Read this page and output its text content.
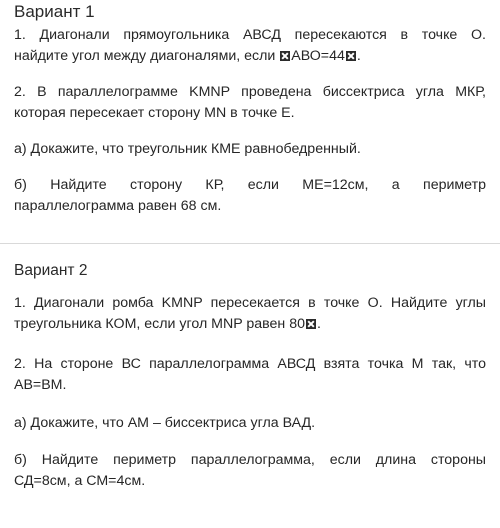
Вариант 1
1. Диагонали прямоугольника АВСД пересекаются в точке О.
найдите угол между диагоналями, если АВО=44 .
2. В параллелограмме KMNP проведена биссектриса угла МКР,
которая пересекает сторону MN в точке Е.
а) Докажите, что треугольник КМЕ равнобедренный.
б) Найдите сторону КР, если МЕ=12см, а периметр
параллелограмма равен 68 см.
Вариант 2
1. Диагонали ромба KMNP пересекается в точке О. Найдите углы
треугольника КОМ, если угол MNP равен 80 .
2. На стороне ВС параллелограмма АВСД взята точка М так, что
АВ=ВМ.
а) Докажите, что АМ – биссектриса угла ВАД.
б) Найдите периметр параллелограмма, если длина стороны
СД=8см, а СМ=4см.
